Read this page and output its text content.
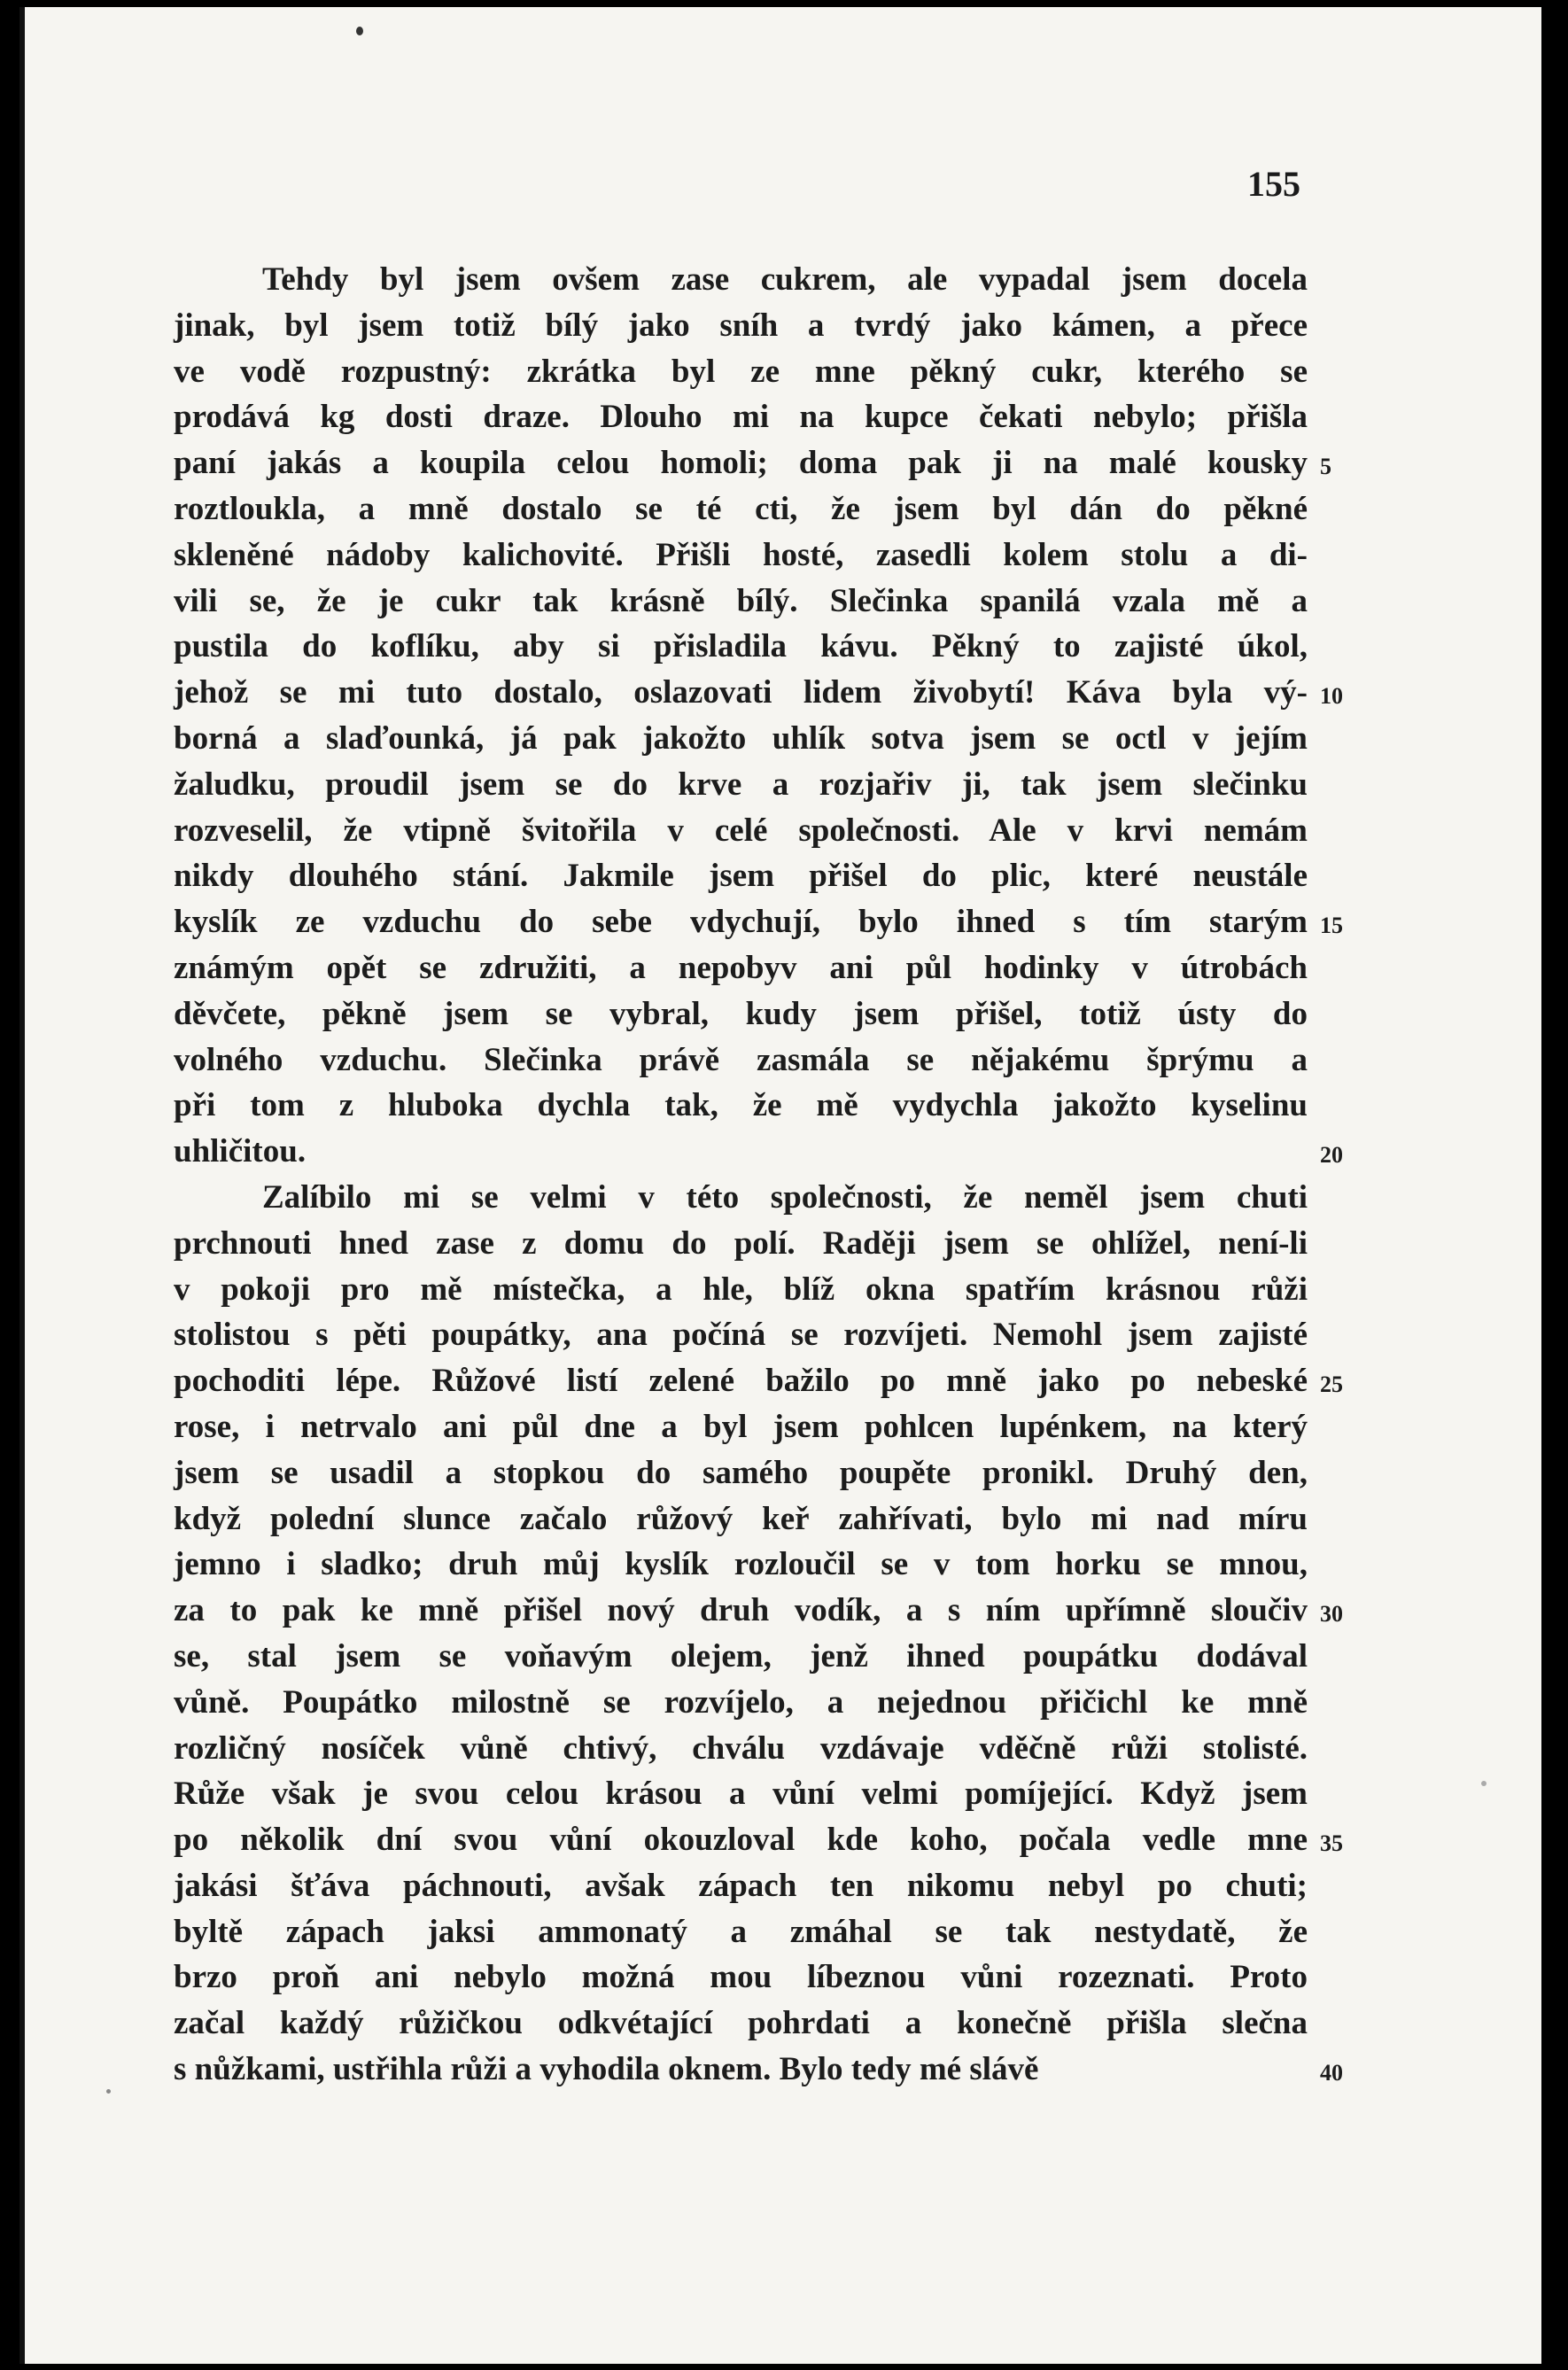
155
Tehdy byl jsem ovšem zase cukrem, ale vypadal jsem docela
jinak, byl jsem totiž bílý jako sníh a tvrdý jako kámen, a přece
ve vodě rozpustný: zkrátka byl ze mne pěkný cukr, kterého se
prodává kg dosti draze. Dlouho mi na kupce čekati nebylo; přišla
paní jakás a koupila celou homoli; doma pak ji na malé kousky 5
roztloukla, a mně dostalo se té cti, že jsem byl dán do pěkné
skleněné nádoby kalichovité. Přišli hosté, zasedli kolem stolu a di-
vili se, že je cukr tak krásně bílý. Slečinka spanilá vzala mě a
pustila do koflíku, aby si přisladila kávu. Pěkný to zajisté úkol,
jehož se mi tuto dostalo, oslazovati lidem živobytí! Káva byla vý- 10
borná a slaďounká, já pak jakožto uhlík sotva jsem se octl v jejím
žaludku, proudil jsem se do krve a rozjařiv ji, tak jsem slečinku
rozveselil, že vtipně švitořila v celé společnosti. Ale v krvi nemám
nikdy dlouhého stání. Jakmile jsem přišel do plic, které neustále
kyslík ze vzduchu do sebe vdychují, bylo ihned s tím starým 15
známým opět se združiti, a nepobyv ani půl hodinky v útrobách
děvčete, pěkně jsem se vybral, kudy jsem přišel, totiž ústy do
volného vzduchu. Slečinka právě zasmála se nějakému šprýmu a
při tom z hluboka dychla tak, že mě vydychla jakožto kyselinu
uhličitou.	20
Zalíbilo mi se velmi v této společnosti, že neměl jsem chuti
prchnouti hned zase z domu do polí. Raději jsem se ohlížel, není-li
v pokoji pro mě místečka, a hle, blíž okna spatřím krásnou růži
stolistou s pěti poupátky, ana počíná se rozvíjeti. Nemohl jsem zajisté
pochoditi lépe. Růžové listí zelené bažilo po mně jako po nebeské 25
rose, i netrvalo ani půl dne a byl jsem pohlcen lupénkem, na který
jsem se usadil a stopkou do samého poupěte pronikl. Druhý den,
když polední slunce začalo růžový keř zahřívati, bylo mi nad míru
jemno i sladko; druh můj kyslík rozloučil se v tom horku se mnou,
za to pak ke mně přišel nový druh vodík, a s ním upřímně sloučiv 30
se, stal jsem se voňavým olejem, jenž ihned poupátku dodával
vůně. Poupátko milostně se rozvíjelo, a nejednou přičichl ke mně
rozličný nosíček vůně chtivý, chválu vzdávaje vděčně růži stolisté.
Růže však je svou celou krásou a vůní velmi pomíjející. Když jsem
po několik dní svou vůní okouzloval kde koho, počala vedle mne 35
jakási šťáva páchnouti, avšak zápach ten nikomu nebyl po chuti;
byltě zápach jaksi ammonatý a zmáhal se tak nestydatě, že
brzo proň ani nebylo možná mou líbeznou vůni rozeznati. Proto
začal každý růžičkou odkvétající pohrdati a konečně přišla slečna
s nůžkami, ustřihla růži a vyhodila oknem. Bylo tedy mé slávě	40
